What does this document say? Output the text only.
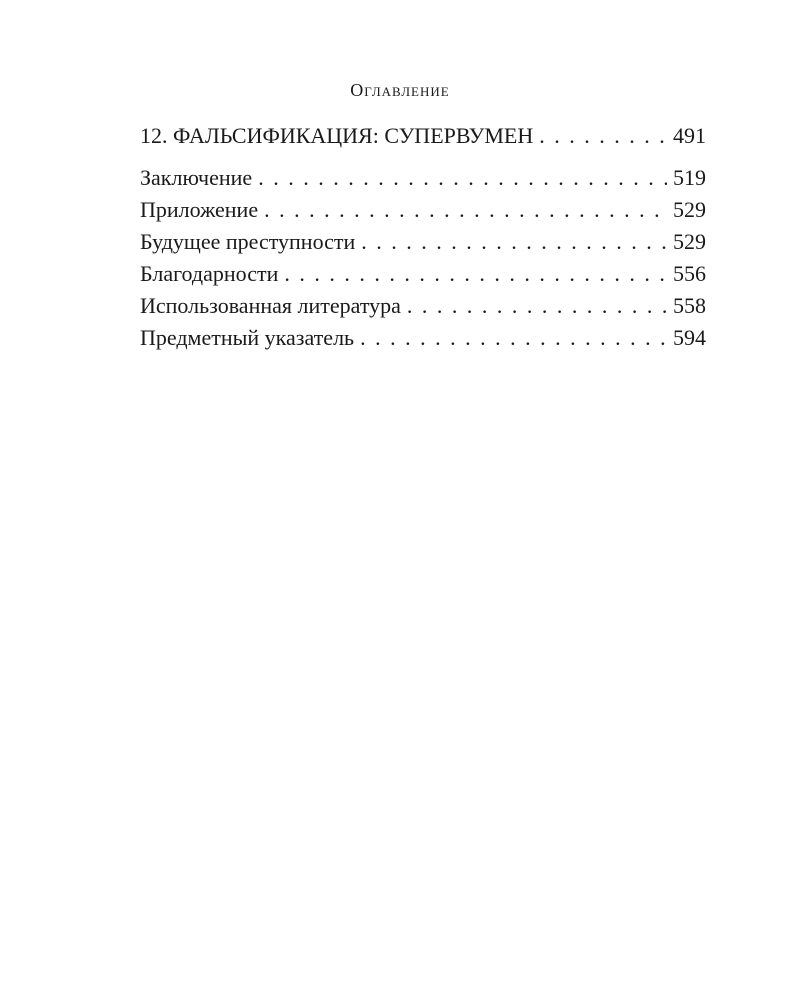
Оглавление
12. ФАЛЬСИФИКАЦИЯ: СУПЕРВУМЕН . . .	491
Заключение . . .	519
Приложение . . .	529
Будущее преступности . . .	529
Благодарности . . .	556
Использованная литература . . .	558
Предметный указатель . . .	594
